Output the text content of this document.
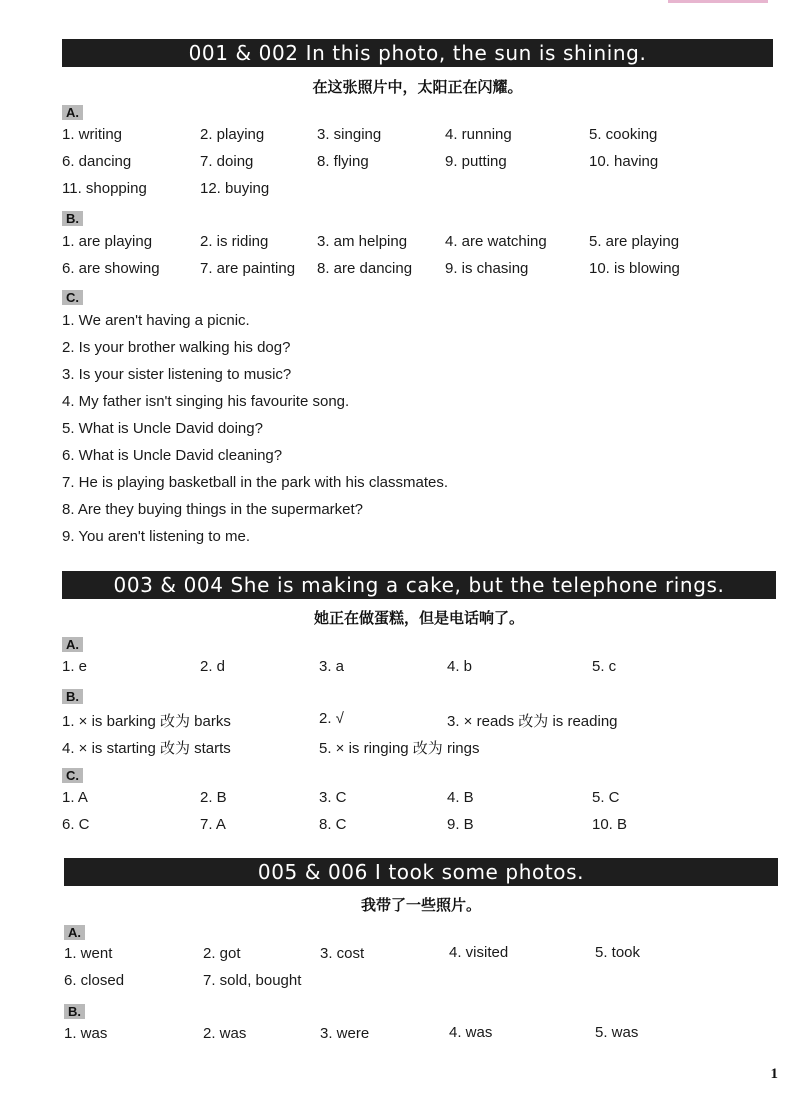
001 & 002 In this photo, the sun is shining.
在这张照片中，太阳正在闪耀。
A.
1. writing	2. playing	3. singing	4. running	5. cooking
6. dancing	7. doing	8. flying	9. putting	10. having
11. shopping	12. buying
B.
1. are playing	2. is riding	3. am helping	4. are watching	5. are playing
6. are showing	7. are painting 8. are dancing 9. is chasing	10. is blowing
C.
1. We aren't having a picnic.
2. Is your brother walking his dog?
3. Is your sister listening to music?
4. My father isn't singing his favourite song.
5. What is Uncle David doing?
6. What is Uncle David cleaning?
7. He is playing basketball in the park with his classmates.
8. Are they buying things in the supermarket?
9. You aren't listening to me.
003 & 004 She is making a cake, but the telephone rings.
她正在做蛋糕，但是电话响了。
A.
1. e	2. d	3. a	4. b	5. c
B.
1. × is barking 改为 barks	2. √	3. × reads 改为 is reading
4. × is starting 改为 starts	5. × is ringing 改为 rings
C.
1. A	2. B	3. C	4. B	5. C
6. C	7. A	8. C	9. B	10. B
005 & 006 I took some photos.
我带了一些照片。
A.
1. went	2. got	3. cost	4. visited	5. took
6. closed	7. sold, bought
B.
1. was	2. was	3. were	4. was	5. was
1
